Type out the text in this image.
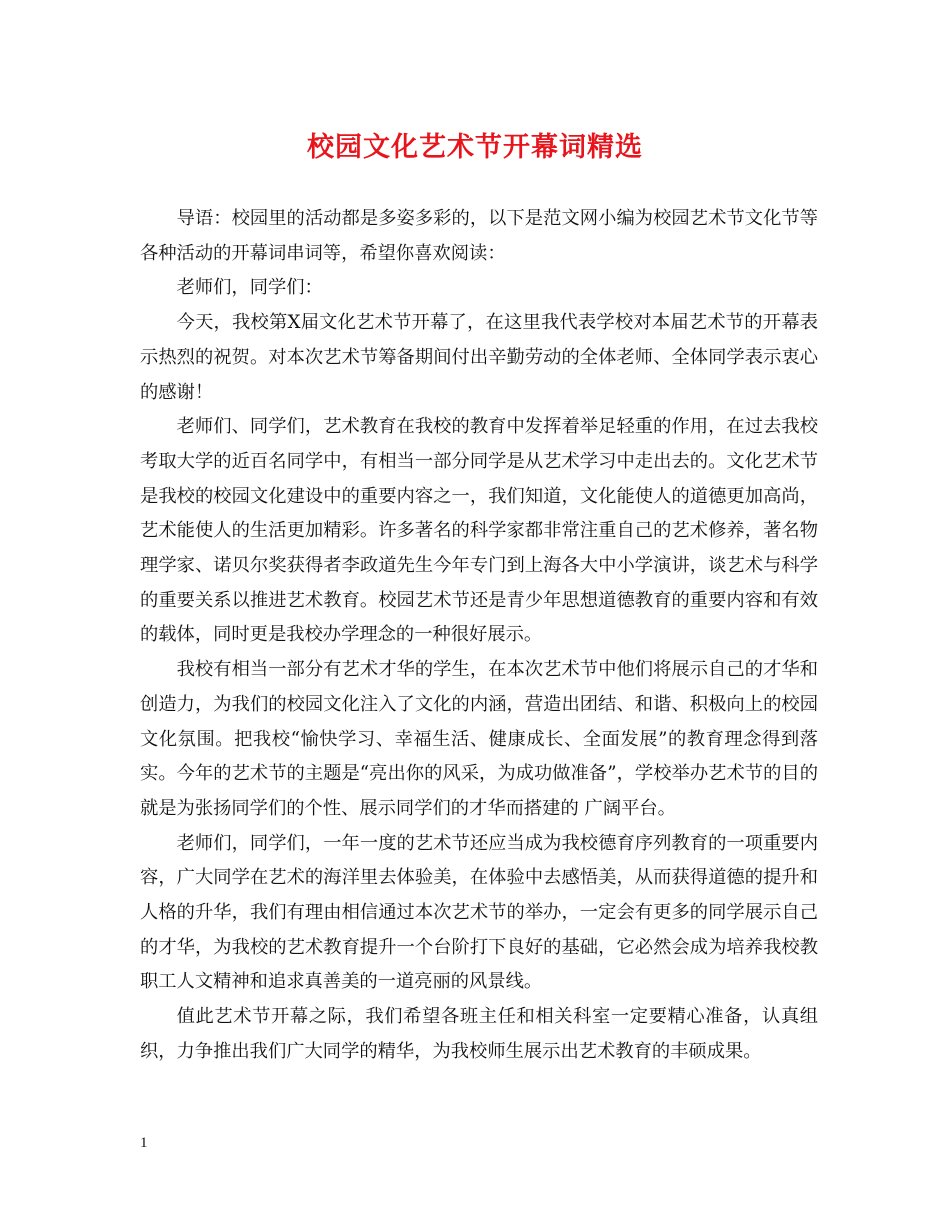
校园文化艺术节开幕词精选

导语：校园里的活动都是多姿多彩的，以下是范文网小编为校园艺术节文化节等各种活动的开幕词串词等，希望你喜欢阅读：

老师们，同学们：

今天，我校第Ⅹ届文化艺术节开幕了，在这里我代表学校对本届艺术节的开幕表示热烈的祝贺。对本次艺术节筹备期间付出辛勤劳动的全体老师、全体同学表示衷心的感谢！

老师们、同学们，艺术教育在我校的教育中发挥着举足轻重的作用，在过去我校考取大学的近百名同学中，有相当一部分同学是从艺术学习中走出去的。文化艺术节是我校的校园文化建设中的重要内容之一，我们知道，文化能使人的道德更加高尚，艺术能使人的生活更加精彩。许多著名的科学家都非常注重自己的艺术修养，著名物理学家、诺贝尔奖获得者李政道先生今年专门到上海各大中小学演讲，谈艺术与科学的重要关系以推进艺术教育。校园艺术节还是青少年思想道德教育的重要内容和有效的载体，同时更是我校办学理念的一种很好展示。

我校有相当一部分有艺术才华的学生，在本次艺术节中他们将展示自己的才华和创造力，为我们的校园文化注入了文化的内涵，营造出团结、和谐、积极向上的校园文化氛围。把我校“愉快学习、幸福生活、健康成长、全面发展”的教育理念得到落实。今年的艺术节的主题是“亮出你的风采，为成功做准备”，学校举办艺术节的目的就是为张扬同学们的个性、展示同学们的才华而搭建的 广阔平台。

老师们，同学们，一年一度的艺术节还应当成为我校德育序列教育的一项重要内容，广大同学在艺术的海洋里去体验美，在体验中去感悟美，从而获得道德的提升和人格的升华，我们有理由相信通过本次艺术节的举办，一定会有更多的同学展示自己的才华，为我校的艺术教育提升一个台阶打下良好的基础，它必然会成为培养我校教职工人文精神和追求真善美的一道亮丽的风景线。

值此艺术节开幕之际，我们希望各班主任和相关科室一定要精心准备，认真组织，力争推出我们广大同学的精华，为我校师生展示出艺术教育的丰硕成果。

1
